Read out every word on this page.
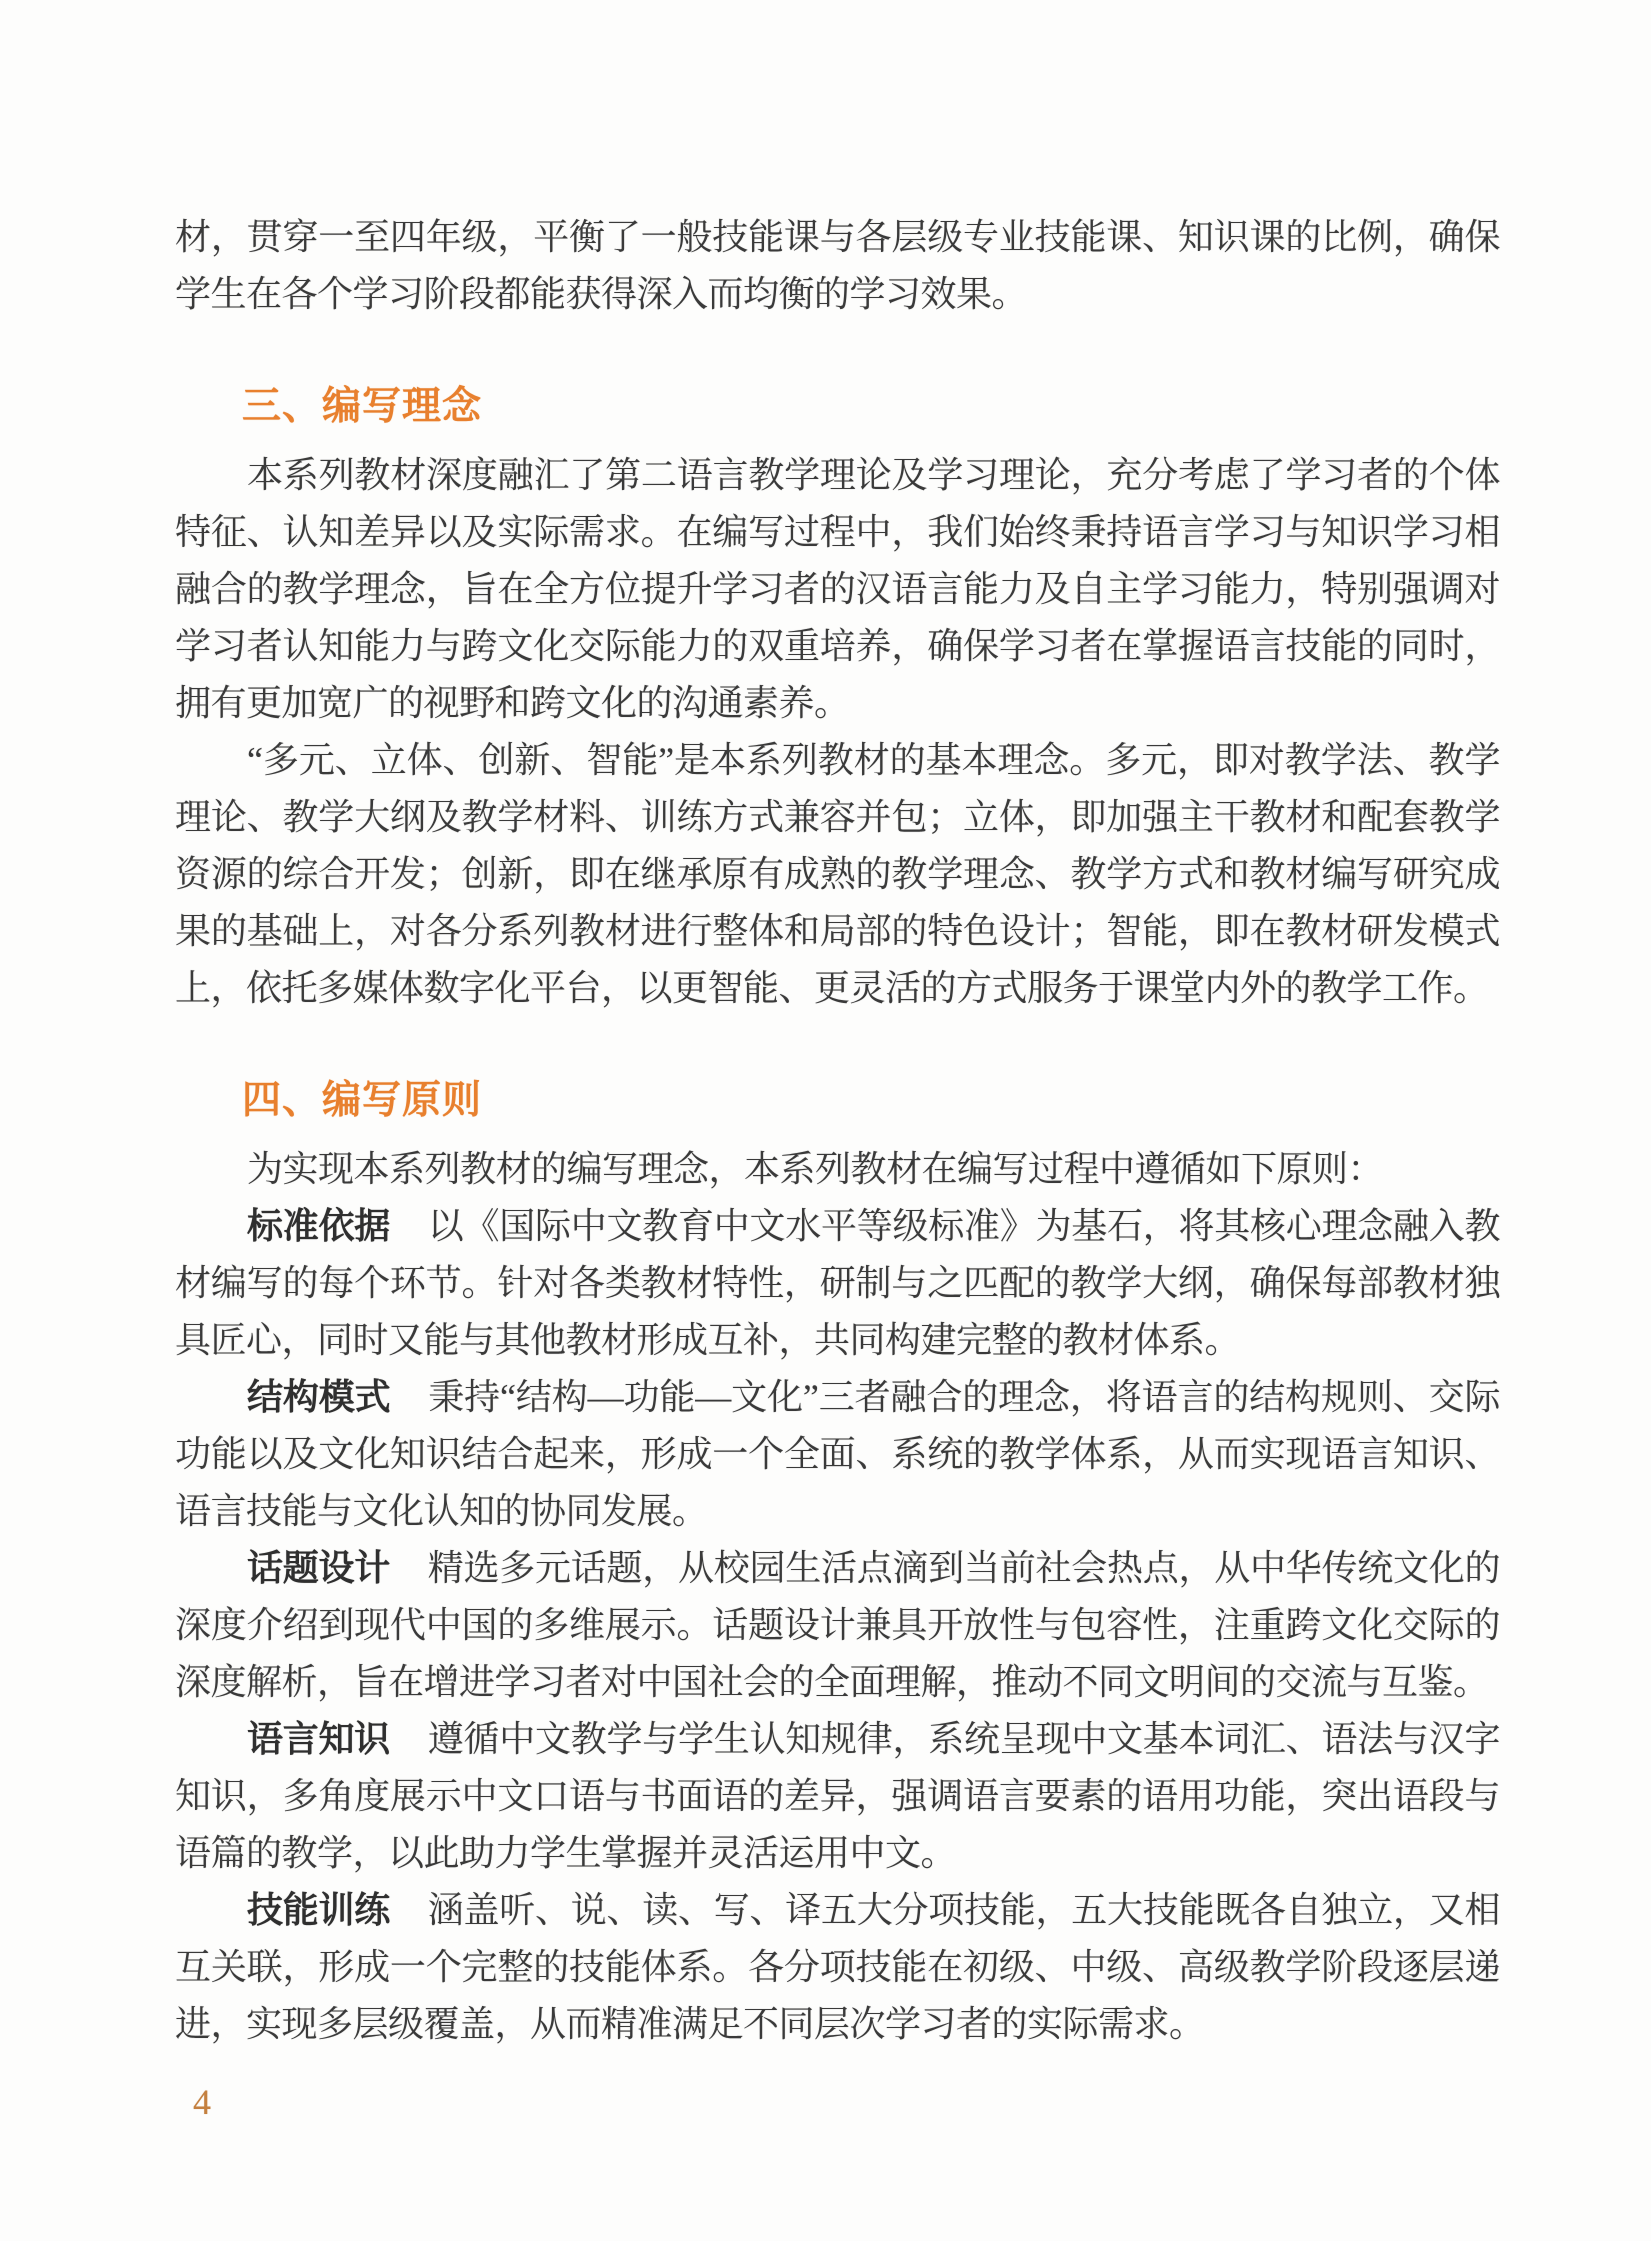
材，贯穿一至四年级，平衡了一般技能课与各层级专业技能课、知识课的比例，确保学生在各个学习阶段都能获得深入而均衡的学习效果。

三、编写理念

本系列教材深度融汇了第二语言教学理论及学习理论，充分考虑了学习者的个体特征、认知差异以及实际需求。在编写过程中，我们始终秉持语言学习与知识学习相融合的教学理念，旨在全方位提升学习者的汉语言能力及自主学习能力，特别强调对学习者认知能力与跨文化交际能力的双重培养，确保学习者在掌握语言技能的同时，拥有更加宽广的视野和跨文化的沟通素养。

“多元、立体、创新、智能”是本系列教材的基本理念。多元，即对教学法、教学理论、教学大纲及教学材料、训练方式兼容并包；立体，即加强主干教材和配套教学资源的综合开发；创新，即在继承原有成熟的教学理念、教学方式和教材编写研究成果的基础上，对各分系列教材进行整体和局部的特色设计；智能，即在教材研发模式上，依托多媒体数字化平台，以更智能、更灵活的方式服务于课堂内外的教学工作。

四、编写原则

为实现本系列教材的编写理念，本系列教材在编写过程中遵循如下原则：

标准依据 以《国际中文教育中文水平等级标准》为基石，将其核心理念融入教材编写的每个环节。针对各类教材特性，研制与之匹配的教学大纲，确保每部教材独具匠心，同时又能与其他教材形成互补，共同构建完整的教材体系。

结构模式 秉持“结构—功能—文化”三者融合的理念，将语言的结构规则、交际功能以及文化知识结合起来，形成一个全面、系统的教学体系，从而实现语言知识、语言技能与文化认知的协同发展。

话题设计 精选多元话题，从校园生活点滴到当前社会热点，从中华传统文化的深度介绍到现代中国的多维展示。话题设计兼具开放性与包容性，注重跨文化交际的深度解析，旨在增进学习者对中国社会的全面理解，推动不同文明间的交流与互鉴。

语言知识 遵循中文教学与学生认知规律，系统呈现中文基本词汇、语法与汉字知识，多角度展示中文口语与书面语的差异，强调语言要素的语用功能，突出语段与语篇的教学，以此助力学生掌握并灵活运用中文。

技能训练 涵盖听、说、读、写、译五大分项技能，五大技能既各自独立，又相互关联，形成一个完整的技能体系。各分项技能在初级、中级、高级教学阶段逐层递进，实现多层级覆盖，从而精准满足不同层次学习者的实际需求。

4
